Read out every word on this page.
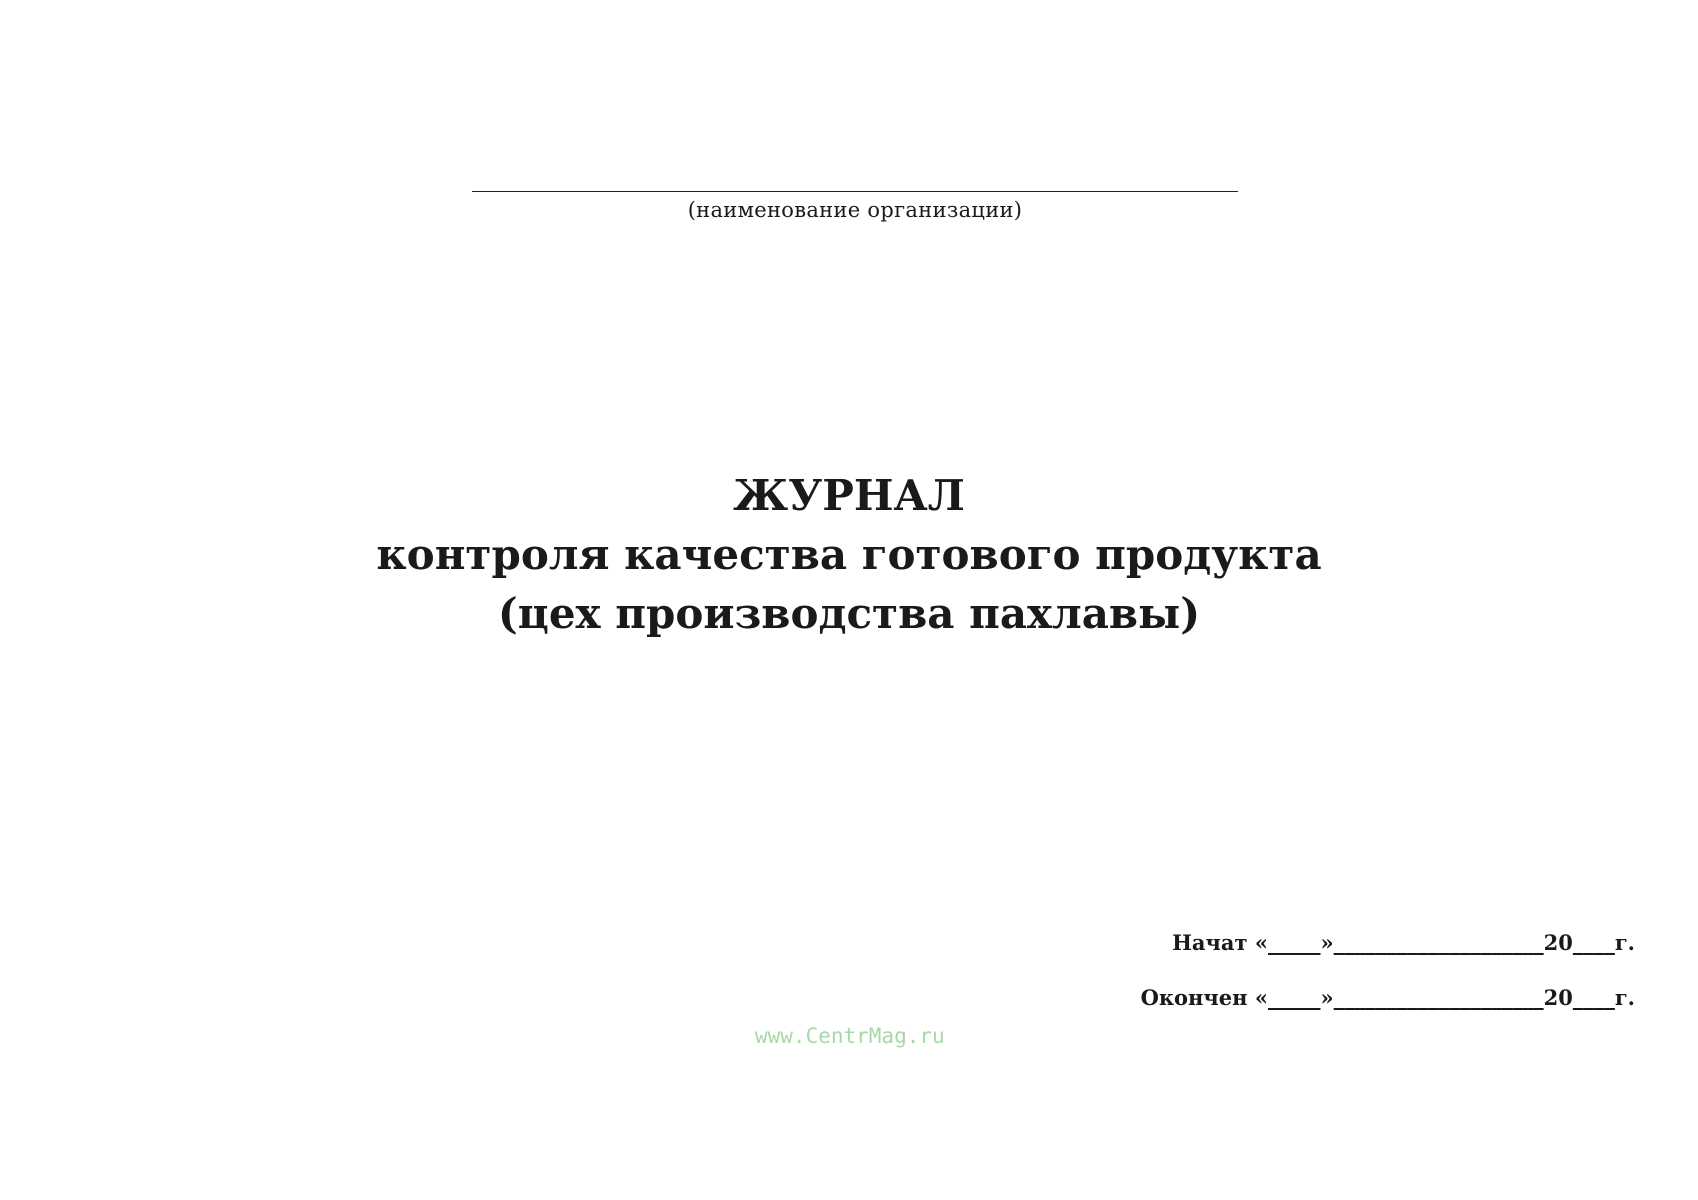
(наименование организации)
ЖУРНАЛ
контроля качества готового продукта
(цех производства пахлавы)
Начат «_____»____________________20____г.
Окончен «_____»____________________20____г.
www.CentrMag.ru
